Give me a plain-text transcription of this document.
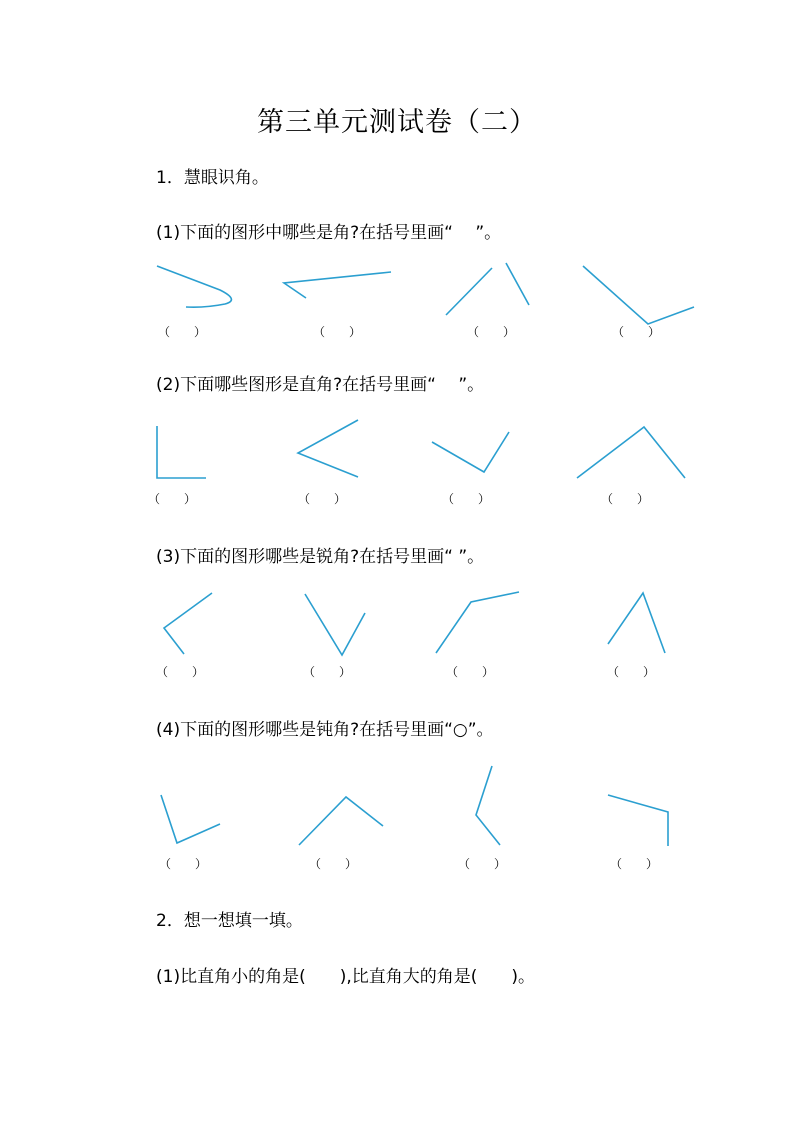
第三单元测试卷（二）
1．慧眼识角。
(1)下面的图形中哪些是角?在括号里画“　 ”。
（　　）	（　　）	（　　）	（　　）
(2)下面哪些图形是直角?在括号里画“　 ”。
（　　）	（　　）	（　　）	（　　）
(3)下面的图形哪些是锐角?在括号里画“ ”。
（　　）	（　　）	（　　）	（　　）
(4)下面的图形哪些是钝角?在括号里画“○”。
（　　）	（　　）	（　　）	（　　）
2．想一想填一填。
(1)比直角小的角是(　　),比直角大的角是(　　)。
